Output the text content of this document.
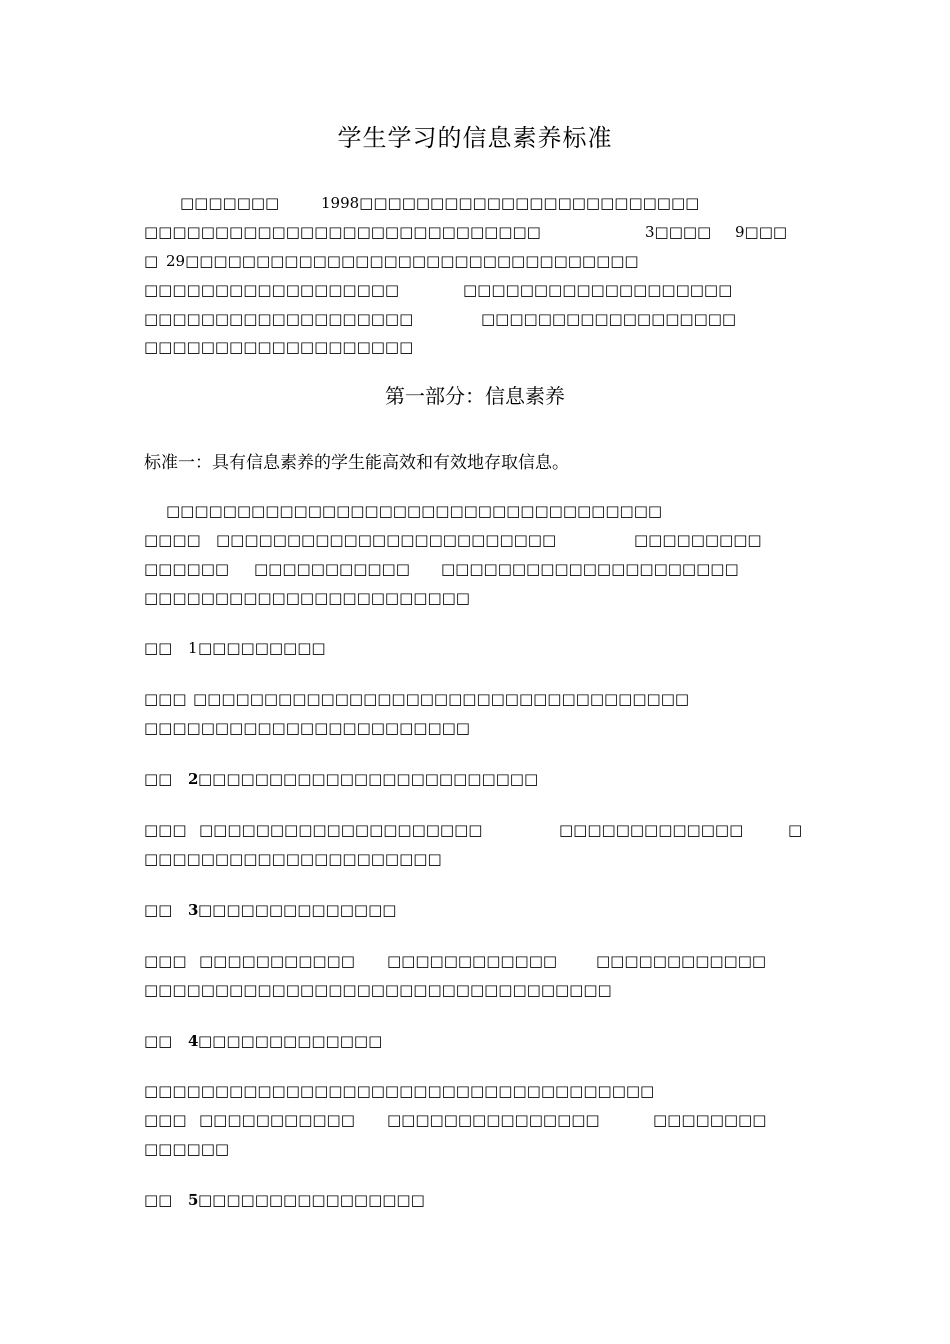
学生学习的信息素养标准
□□□□□□□	1998□□□□□□□□□□□□□□□□□□□□□□□□
□□□□□□□□□□□□□□□□□□□□□□□□□□□□	3□□□□ 9□□□
□ 29□□□□□□□□□□□□□□□□□□□□□□□□□□□□□□□□
□□□□□□□□□□□□□□□□□□	□□□□□□□□□□□□□□□□□□□
□□□□□□□□□□□□□□□□□□□	□□□□□□□□□□□□□□□□□□
□□□□□□□□□□□□□□□□□□□
第一部分：信息素养
标准一：具有信息素养的学生能高效和有效地存取信息。
□□□□□□□□□□□□□□□□□□□□□□□□□□□□□□□□□□□
□□□□ □□□□□□□□□□□□□□□□□□□□□□□□	□□□□□□□□□
□□□□□□ □□□□□□□□□□□ □□□□□□□□□□□□□□□□□□□□□
□□□□□□□□□□□□□□□□□□□□□□□
□□ 1 □□□□□□□□□
□□□ □□□□□□□□□□□□□□□□□□□□□□□□□□□□□□□□□□□
□□□□□□□□□□□□□□□□□□□□□□□
□□ 2 □□□□□□□□□□□□□□□□□□□□□□□□
□□□ □□□□□□□□□□□□□□□□□□□□	□□□□□□□□□□□□□	□
□□□□□□□□□□□□□□□□□□□□□
□□ 3 □□□□□□□□□□□□□□
□□□ □□□□□□□□□□□ □□□□□□□□□□□□	□□□□□□□□□□□□
□□□□□□□□□□□□□□□□□□□□□□□□□□□□□□□□□
□□ 4 □□□□□□□□□□□□□
□□□□□□□□□□□□□□□□□□□□□□□□□□□□□□□□□□□□
□□□ □□□□□□□□□□□ □□□□□□□□□□□□□□□	□□□□□□□□
□□□□□□
□□ 5 □□□□□□□□□□□□□□□□
